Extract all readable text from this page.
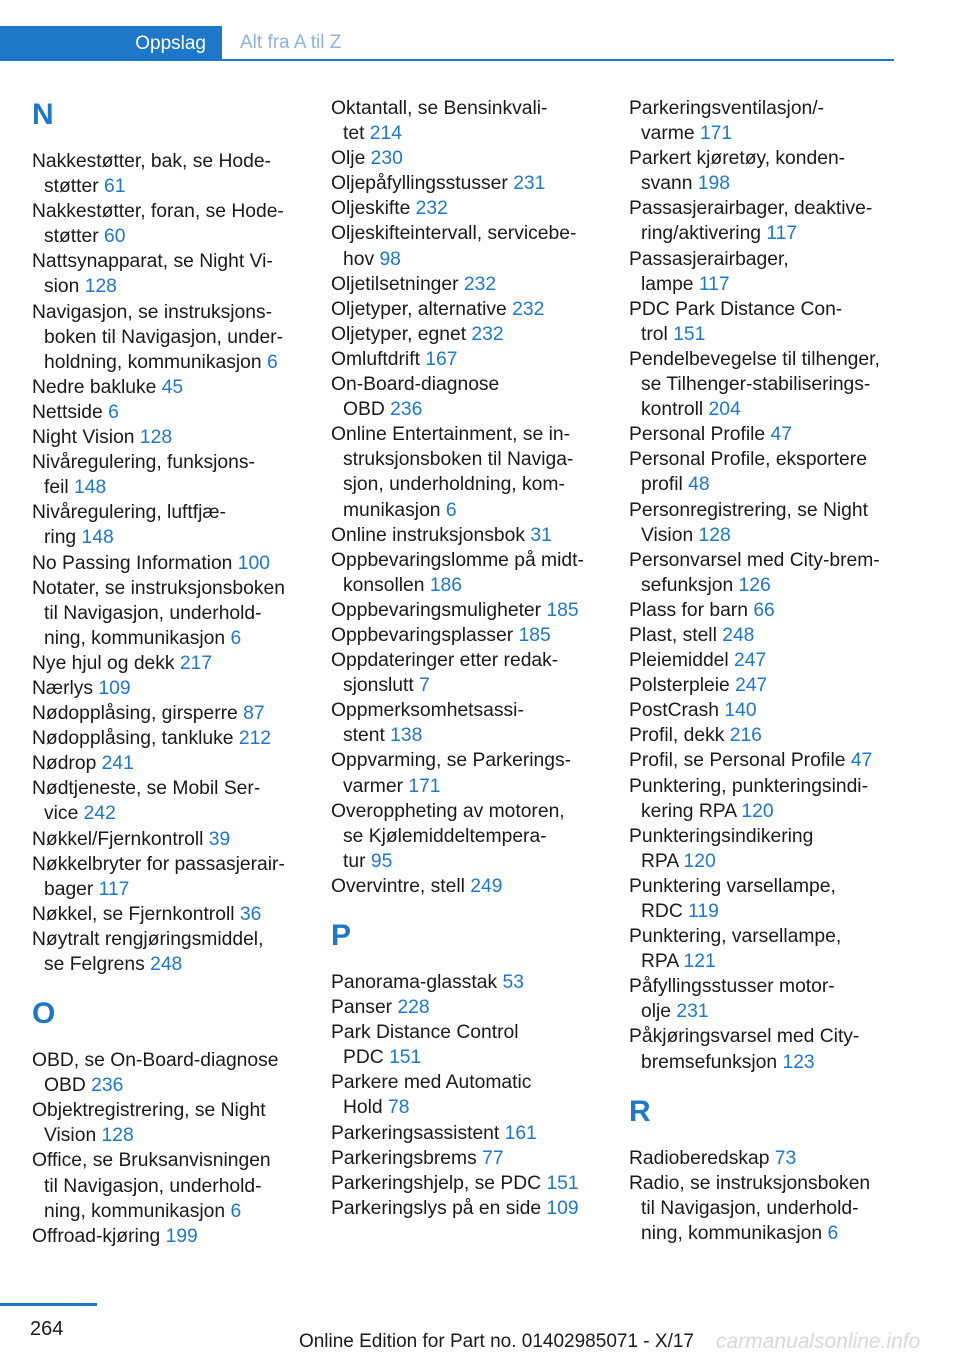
Oppslag Alt fra A til Z
N
Nakkestøtter, bak, se Hode-
støtter 61
Nakkestøtter, foran, se Hode-
støtter 60
Nattsynapparat, se Night Vi-
sion 128
Navigasjon, se instruksjons-
boken til Navigasjon, under-
holdning, kommunikasjon 6
Nedre bakluke 45
Nettside 6
Night Vision 128
Nivåregulering, funksjons-
feil 148
Nivåregulering, luftfjæ-
ring 148
No Passing Information 100
Notater, se instruksjonsboken
til Navigasjon, underhold-
ning, kommunikasjon 6
Nye hjul og dekk 217
Nærlys 109
Nødopplåsing, girsperre 87
Nødopplåsing, tankluke 212
Nødrop 241
Nødtjeneste, se Mobil Ser-
vice 242
Nøkkel/Fjernkontroll 39
Nøkkelbryter for passasjerair-
bager 117
Nøkkel, se Fjernkontroll 36
Nøytralt rengjøringsmiddel,
se Felgrens 248
O
OBD, se On-Board-diagnose
OBD 236
Objektregistrering, se Night
Vision 128
Office, se Bruksanvisningen
til Navigasjon, underhold-
ning, kommunikasjon 6
Offroad-kjøring 199
Oktantall, se Bensinkvali-
tet 214
Olje 230
Oljepåfyllingsstusser 231
Oljeskifte 232
Oljeskifteintervall, servicebe-
hov 98
Oljetilsetninger 232
Oljetyper, alternative 232
Oljetyper, egnet 232
Omluftdrift 167
On-Board-diagnose
OBD 236
Online Entertainment, se in-
struksjonsboken til Naviga-
sjon, underholdning, kom-
munikasjon 6
Online instruksjonsbok 31
Oppbevaringslomme på midt-
konsollen 186
Oppbevaringsmuligheter 185
Oppbevaringsplasser 185
Oppdateringer etter redak-
sjonslutt 7
Oppmerksomhetsassi-
stent 138
Oppvarming, se Parkerings-
varmer 171
Overoppheting av motoren,
se Kjølemiddeltempera-
tur 95
Overvintre, stell 249
P
Panorama-glasstak 53
Panser 228
Park Distance Control
PDC 151
Parkere med Automatic
Hold 78
Parkeringsassistent 161
Parkeringsbrems 77
Parkeringshjelp, se PDC 151
Parkeringslys på en side 109
Parkeringsventilasjon/-
varme 171
Parkert kjøretøy, konden-
svann 198
Passasjerairbager, deaktive-
ring/aktivering 117
Passasjerairbager,
lampe 117
PDC Park Distance Con-
trol 151
Pendelbevegelse til tilhenger,
se Tilhenger-stabiliserings-
kontroll 204
Personal Profile 47
Personal Profile, eksportere
profil 48
Personregistrering, se Night
Vision 128
Personvarsel med City-brem-
sefunksjon 126
Plass for barn 66
Plast, stell 248
Pleiemiddel 247
Polsterpleie 247
PostCrash 140
Profil, dekk 216
Profil, se Personal Profile 47
Punktering, punkteringsindi-
kering RPA 120
Punkteringsindikering
RPA 120
Punktering varsellampe,
RDC 119
Punktering, varsellampe,
RPA 121
Påfyllingsstusser motor-
olje 231
Påkjøringsvarsel med City-
bremsefunksjon 123
R
Radioberedskap 73
Radio, se instruksjonsboken
til Navigasjon, underhold-
ning, kommunikasjon 6
264
carmanualsonline.info
Online Edition for Part no. 01402985071 - X/17
